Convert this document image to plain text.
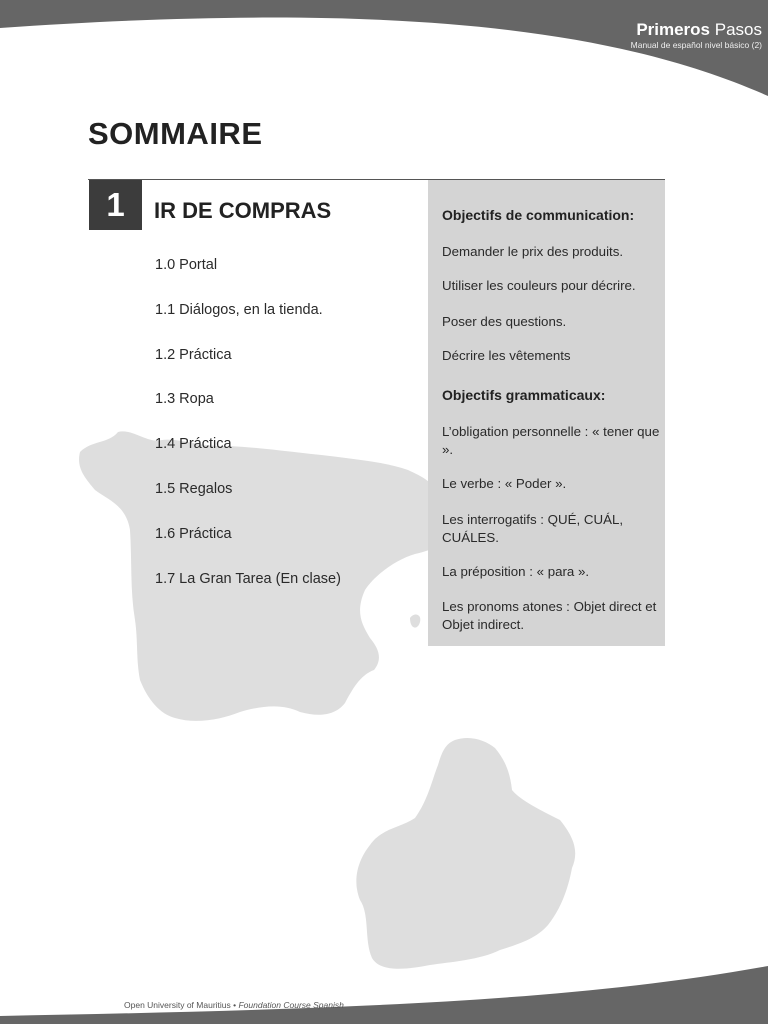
Primeros Pasos
Manual de español nivel básico (2)
SOMMAIRE
1	IR DE COMPRAS
1.0 Portal
1.1 Diálogos, en la tienda.
1.2 Práctica
1.3 Ropa
1.4 Práctica
1.5 Regalos
1.6 Práctica
1.7 La Gran Tarea (En clase)
Objectifs de communication:
Demander le prix des produits.
Utiliser les couleurs pour décrire.
Poser des questions.
Décrire les vêtements
Objectifs grammaticaux:
L’obligation personnelle : « tener que ».
Le verbe : « Poder ».
Les interrogatifs : QUÉ, CUÁL, CUÁLES.
La préposition : « para ».
Les pronoms atones : Objet direct et Objet indirect.
Open University of Mauritius • Foundation Course Spanish
